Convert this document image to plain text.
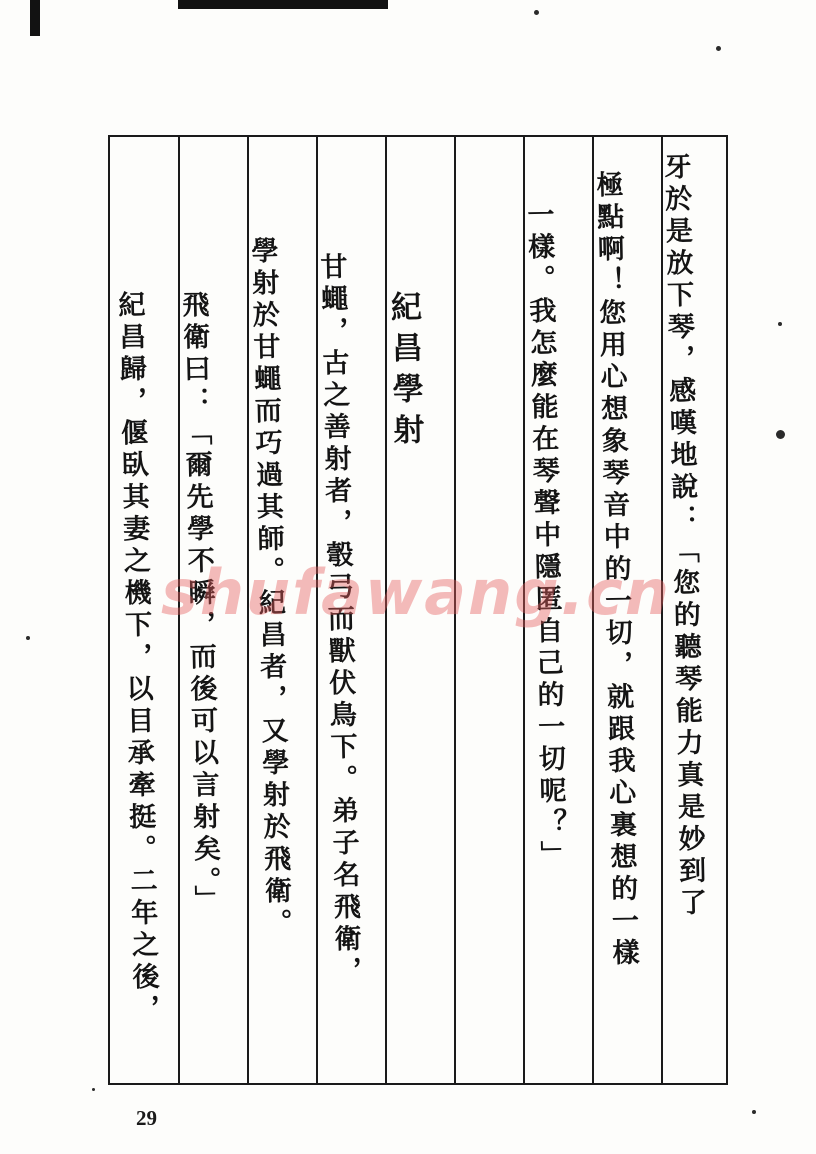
牙於是放下琴，感嘆地說：「您的聽琴能力真是妙到了
極點啊！您用心想象琴音中的一切，就跟我心裏想的一樣
一樣。我怎麼能在琴聲中隱匿自己的一切呢？」
紀昌學射
甘蠅，古之善射者，彀弓而獸伏鳥下。弟子名飛衛，
學射於甘蠅而巧過其師。紀昌者，又學射於飛衛。
飛衛曰：「爾先學不瞬，而後可以言射矣。」
紀昌歸，偃臥其妻之機下，以目承牽挺。二年之後， shufawang.cn
29
